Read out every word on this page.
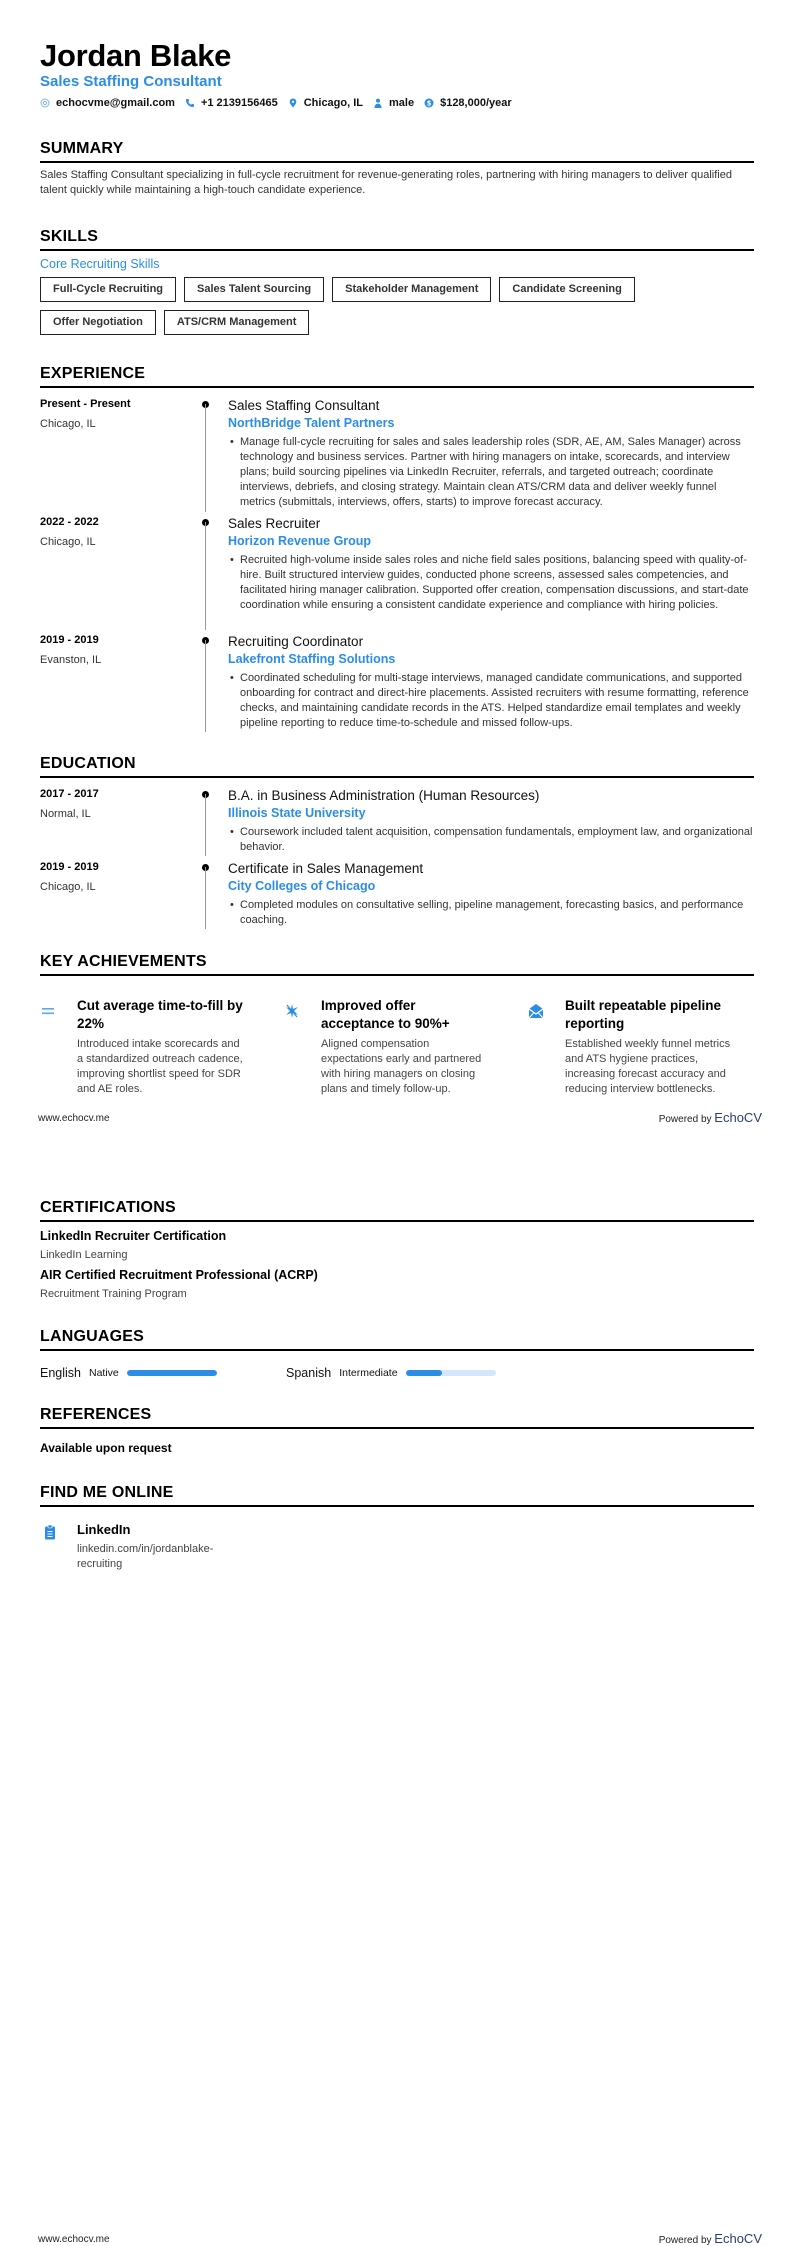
Jordan Blake
Sales Staffing Consultant
echocvme@gmail.com +1 2139156465 Chicago, IL male $ $128,000/year
SUMMARY
Sales Staffing Consultant specializing in full-cycle recruitment for revenue-generating roles, partnering with hiring managers to deliver qualified talent quickly while maintaining a high-touch candidate experience.
SKILLS
Core Recruiting Skills
Full-Cycle Recruiting	Sales Talent Sourcing	Stakeholder Management	Candidate Screening
Offer Negotiation	ATS/CRM Management
EXPERIENCE
Present - Present
Chicago, IL
Sales Staffing Consultant
NorthBridge Talent Partners
• Manage full-cycle recruiting for sales and sales leadership roles (SDR, AE, AM, Sales Manager) across technology and business services. Partner with hiring managers on intake, scorecards, and interview plans; build sourcing pipelines via LinkedIn Recruiter, referrals, and targeted outreach; coordinate interviews, debriefs, and closing strategy. Maintain clean ATS/CRM data and deliver weekly funnel metrics (submittals, interviews, offers, starts) to improve forecast accuracy.
2022 - 2022
Chicago, IL
Sales Recruiter
Horizon Revenue Group
• Recruited high-volume inside sales roles and niche field sales positions, balancing speed with quality-of-hire. Built structured interview guides, conducted phone screens, assessed sales competencies, and facilitated hiring manager calibration. Supported offer creation, compensation discussions, and start-date coordination while ensuring a consistent candidate experience and compliance with hiring policies.
2019 - 2019
Evanston, IL
Recruiting Coordinator
Lakefront Staffing Solutions
• Coordinated scheduling for multi-stage interviews, managed candidate communications, and supported onboarding for contract and direct-hire placements. Assisted recruiters with resume formatting, reference checks, and maintaining candidate records in the ATS. Helped standardize email templates and weekly pipeline reporting to reduce time-to-schedule and missed follow-ups.
EDUCATION
2017 - 2017
Normal, IL
B.A. in Business Administration (Human Resources)
Illinois State University
• Coursework included talent acquisition, compensation fundamentals, employment law, and organizational behavior.
2019 - 2019
Chicago, IL
Certificate in Sales Management
City Colleges of Chicago
• Completed modules on consultative selling, pipeline management, forecasting basics, and performance coaching.
KEY ACHIEVEMENTS
Cut average time-to-fill by 22%
Introduced intake scorecards and a standardized outreach cadence, improving shortlist speed for SDR and AE roles.
Improved offer acceptance to 90%+
Aligned compensation expectations early and partnered with hiring managers on closing plans and timely follow-up.
Built repeatable pipeline reporting
Established weekly funnel metrics and ATS hygiene practices, increasing forecast accuracy and reducing interview bottlenecks.
www.echocv.me	Powered by EchoCV
CERTIFICATIONS
LinkedIn Recruiter Certification
LinkedIn Learning
AIR Certified Recruitment Professional (ACRP)
Recruitment Training Program
LANGUAGES
English Native	Spanish Intermediate
REFERENCES
Available upon request
FIND ME ONLINE
LinkedIn
linkedin.com/in/jordanblake-recruiting
www.echocv.me	Powered by EchoCV
